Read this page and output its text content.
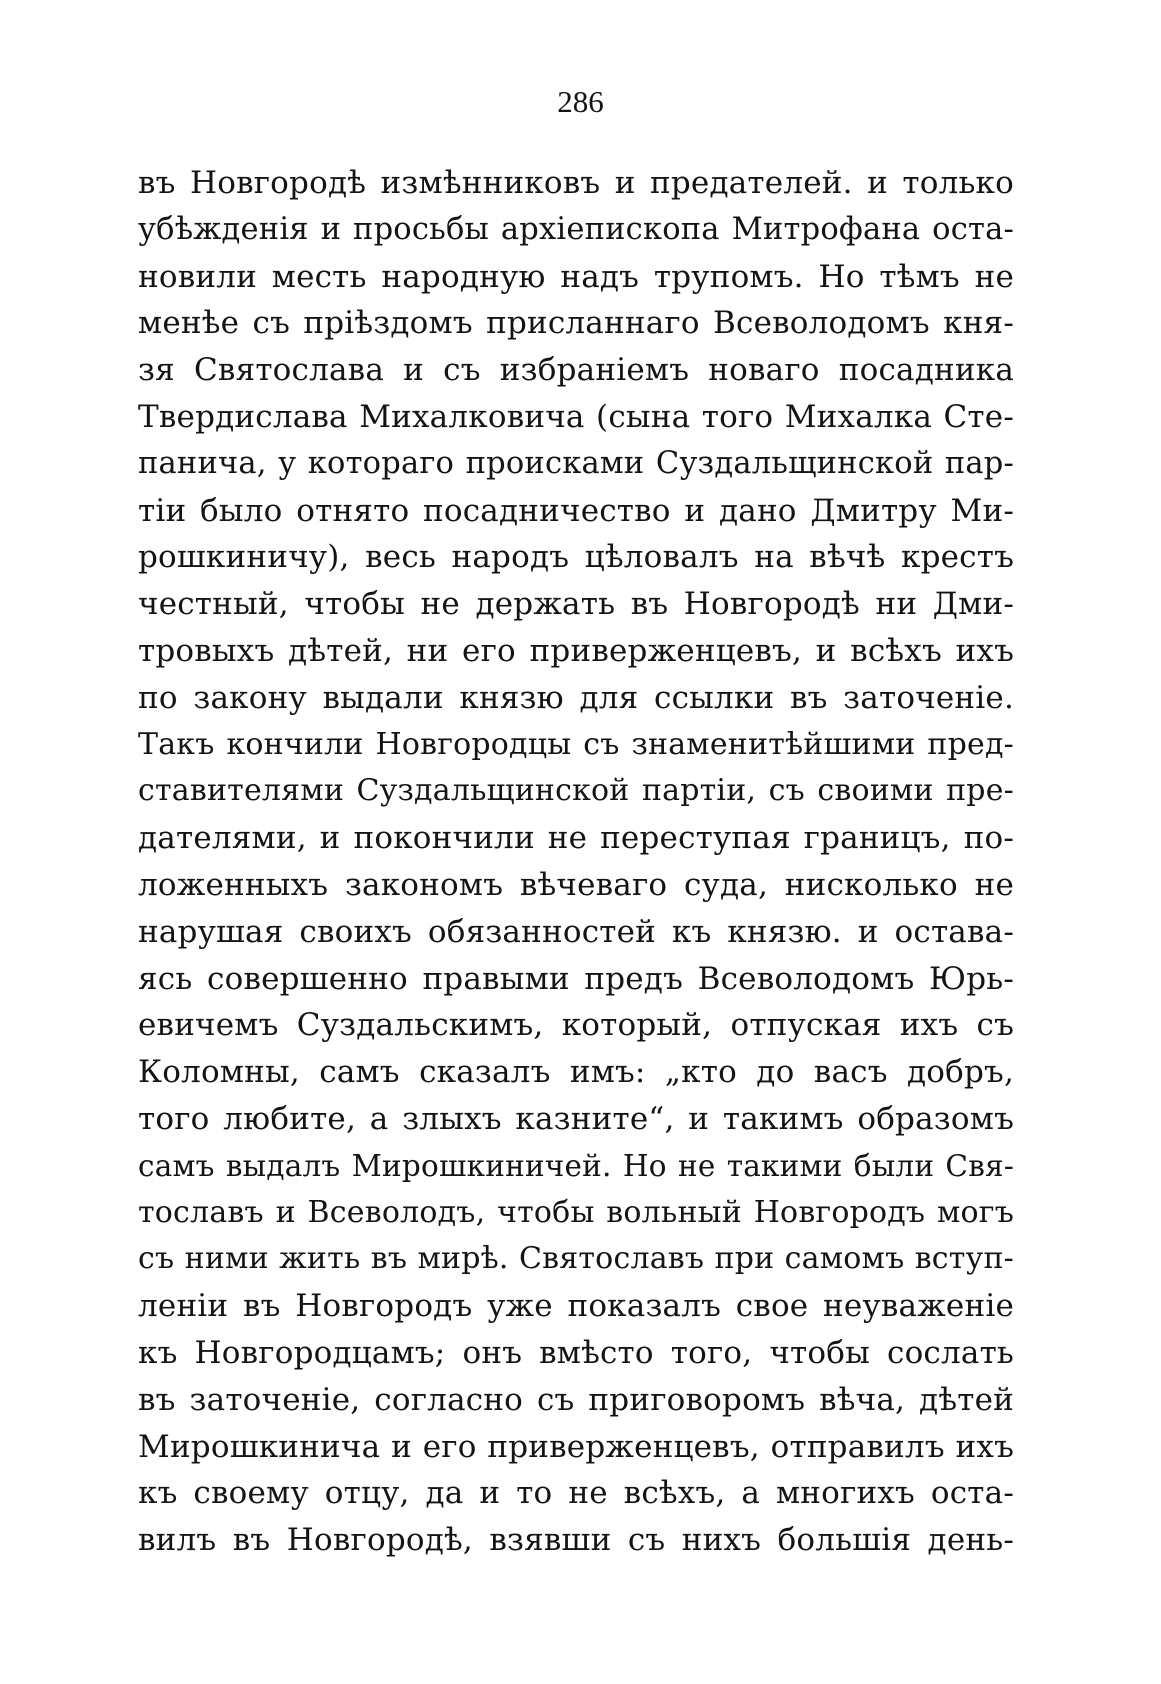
286
въ Новгородѣ измѣнниковъ и предателей. и только
убѣжденія и просьбы архіепископа Митрофана оста-
новили месть народную надъ трупомъ. Но тѣмъ не
менѣе съ пріѣздомъ присланнаго Всеволодомъ кня-
зя Святослава и съ избраніемъ новаго посадника
Твердислава Михалковича (сына того Михалка Сте-
панича, у котораго происками Суздальщинской пар-
тіи было отнято посадничество и дано Дмитру Ми-
рошкиничу), весь народъ цѣловалъ на вѣчѣ крестъ
честный, чтобы не держать въ Новгородѣ ни Дми-
тровыхъ дѣтей, ни его приверженцевъ, и всѣхъ ихъ
по закону выдали князю для ссылки въ заточеніе.
Такъ кончили Новгородцы съ знаменитѣйшими пред-
ставителями Суздальщинской партіи, съ своими пре-
дателями, и покончили не переступая границъ, по-
ложенныхъ закономъ вѣчеваго суда, нисколько не
нарушая своихъ обязанностей къ князю. и остава-
ясь совершенно правыми предъ Всеволодомъ Юрь-
евичемъ Суздальскимъ, который, отпуская ихъ съ
Коломны, самъ сказалъ имъ: „кто до васъ добръ,
того любите, а злыхъ казните“, и такимъ образомъ
самъ выдалъ Мирошкиничей. Но не такими были Свя-
тославъ и Всеволодъ, чтобы вольный Новгородъ могъ
съ ними жить въ мирѣ. Святославъ при самомъ вступ-
леніи въ Новгородъ уже показалъ свое неуваженіе
къ Новгородцамъ; онъ вмѣсто того, чтобы сослать
въ заточеніе, согласно съ приговоромъ вѣча, дѣтей
Мирошкинича и его приверженцевъ, отправилъ ихъ
къ своему отцу, да и то не всѣхъ, а многихъ оста-
вилъ въ Новгородѣ, взявши съ нихъ большія день-
